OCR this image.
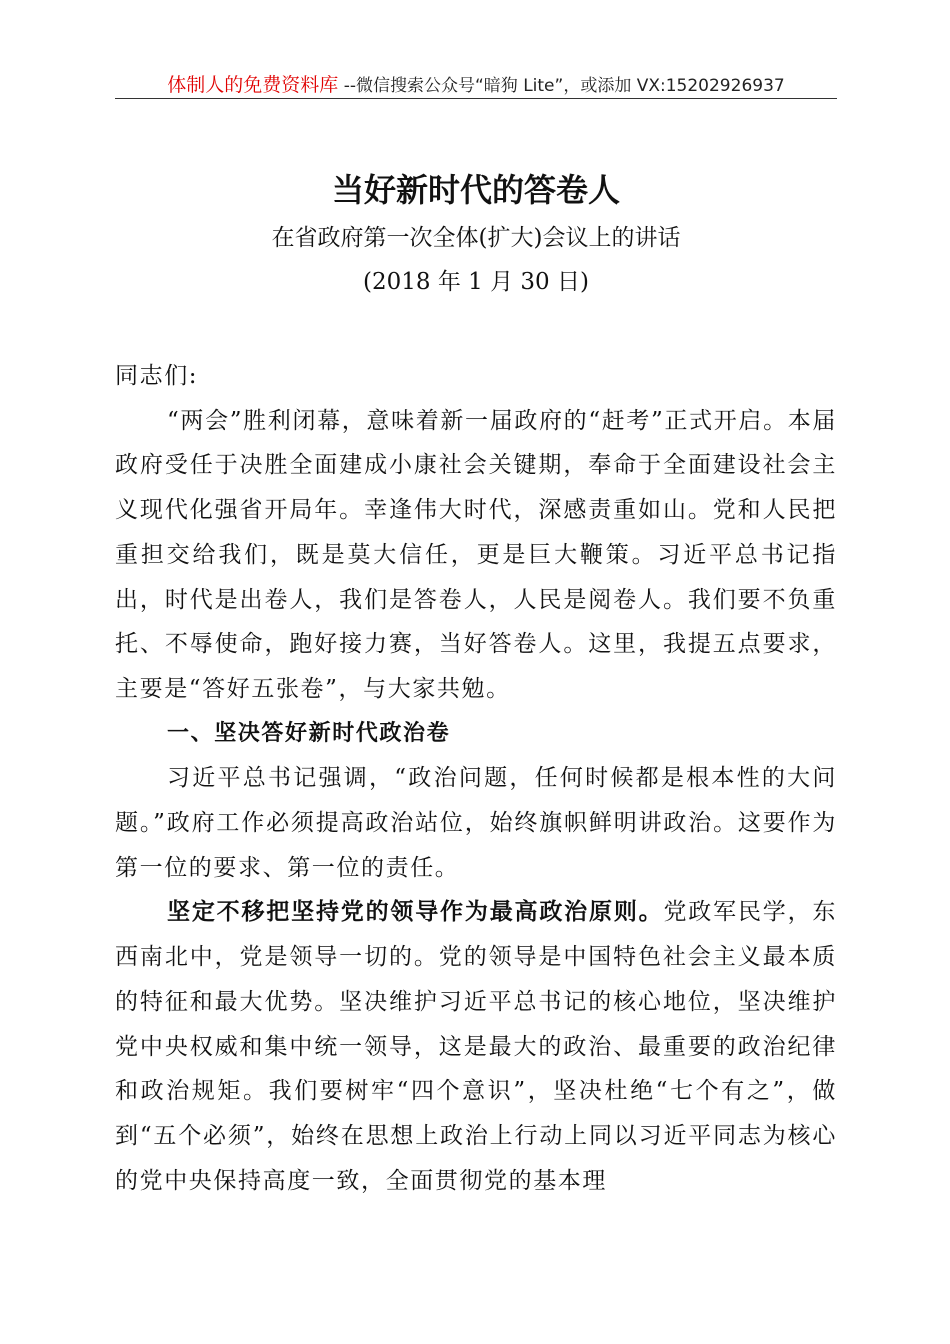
体制人的免费资料库 --微信搜索公众号“暗狗 Lite”，或添加 VX:15202926937
当好新时代的答卷人
在省政府第一次全体(扩大)会议上的讲话
(2018 年 1 月 30 日)

同志们:

“两会”胜利闭幕，意味着新一届政府的“赶考”正式开启。本届政府受任于决胜全面建成小康社会关键期，奉命于全面建设社会主义现代化强省开局年。幸逢伟大时代，深感责重如山。党和人民把重担交给我们，既是莫大信任，更是巨大鞭策。习近平总书记指出，时代是出卷人，我们是答卷人，人民是阅卷人。我们要不负重托、不辱使命，跑好接力赛，当好答卷人。这里，我提五点要求，主要是“答好五张卷”，与大家共勉。

一、坚决答好新时代政治卷

习近平总书记强调，“政治问题，任何时候都是根本性的大问题。”政府工作必须提高政治站位，始终旗帜鲜明讲政治。这要作为第一位的要求、第一位的责任。

坚定不移把坚持党的领导作为最高政治原则。党政军民学，东西南北中，党是领导一切的。党的领导是中国特色社会主义最本质的特征和最大优势。坚决维护习近平总书记的核心地位，坚决维护党中央权威和集中统一领导，这是最大的政治、最重要的政治纪律和政治规矩。我们要树牢“四个意识”，坚决杜绝“七个有之”，做到“五个必须”，始终在思想上政治上行动上同以习近平同志为核心的党中央保持高度一致，全面贯彻党的基本理
